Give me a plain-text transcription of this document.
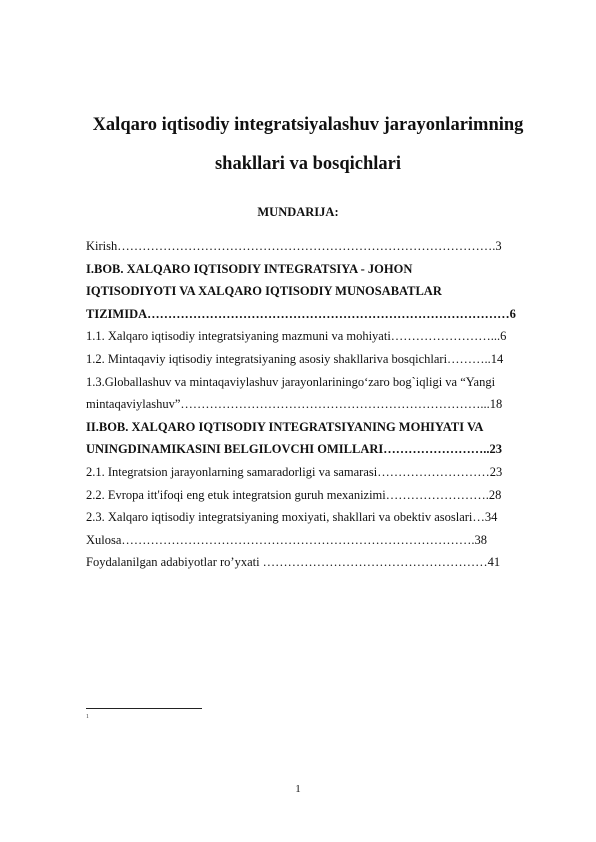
Xalqaro iqtisodiy integratsiyalashuv jarayonlarimning
shakllari va bosqichlari
MUNDARIJA:
Kirish……………………………………………………………………………….3
I.BOB. XALQARO IQTISODIY INTEGRATSIYA - JOHON
IQTISODIYOTI VA XALQARO IQTISODIY MUNOSABATLAR
TIZIMIDA……………………………………………………………………………6
1.1. Xalqaro iqtisodiy integratsiyaning mazmuni va mohiyati……………………...6
1.2. Mintaqaviy iqtisodiy integratsiyaning asosiy shakllariva bosqichlari………..14
1.3.Globallashuv va mintaqaviylashuv jarayonlariningo‘zaro bog`iqligi va “Yangi
mintaqaviylashuv”………………………………………………………………...18
II.BOB. XALQARO IQTISODIY INTEGRATSIYANING MOHIYATI VA
UNINGDINAMIKASINI BELGILOVCHI OMILLARI……………………..23
2.1. Integratsion jarayonlarning samaradorligi va samarasi………………………23
2.2. Evropa itt'ifoqi eng etuk integratsion guruh mexanizimi…………………….28
2.3. Xalqaro iqtisodiy integratsiyaning moxiyati, shakllari va obektiv asoslari…34
Xulosa………………………………………………………………………….38
Foydalanilgan adabiyotlar ro’yxati ………………………………………………41
1
1
